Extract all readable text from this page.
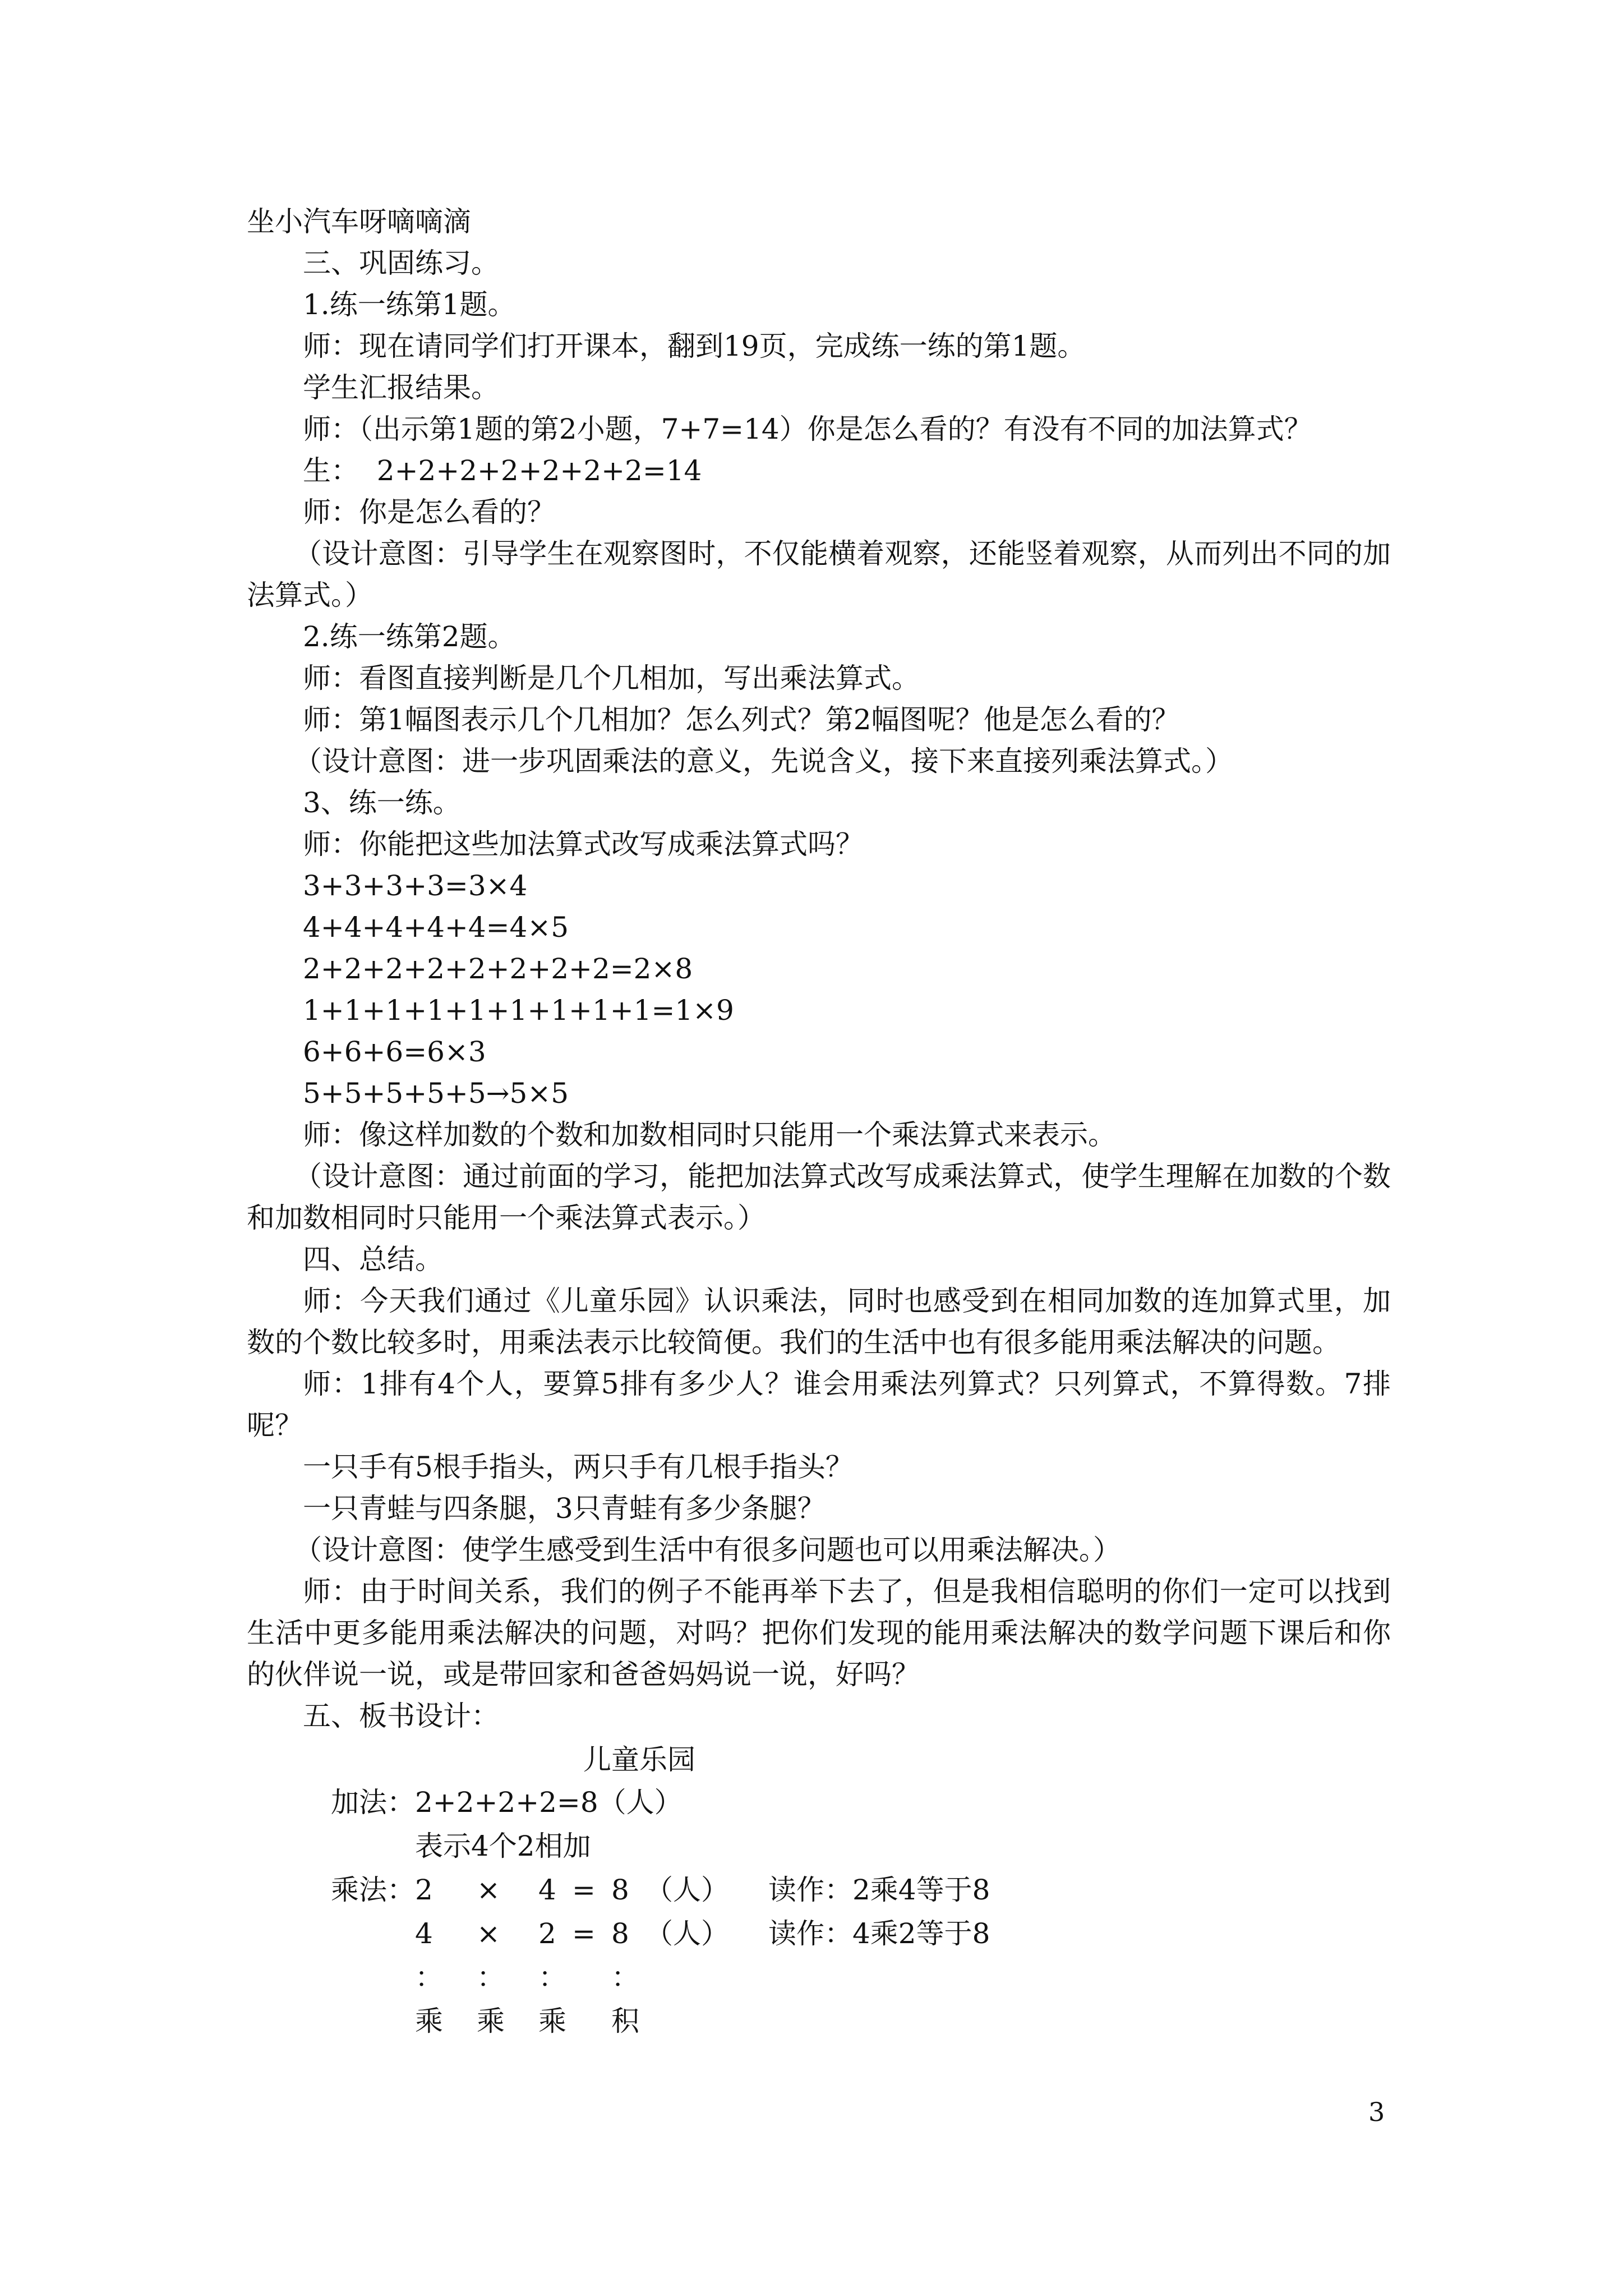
坐小汽车呀嘀嘀滴

三、巩固练习。

1.练一练第1题。

师：现在请同学们打开课本，翻到19页，完成练一练的第1题。

学生汇报结果。

师：（出示第1题的第2小题，7+7=14）你是怎么看的？有没有不同的加法算式？

生：  2+2+2+2+2+2+2=14

师：你是怎么看的？

（设计意图：引导学生在观察图时，不仅能横着观察，还能竖着观察，从而列出不同的加法算式。）

2.练一练第2题。

师：看图直接判断是几个几相加，写出乘法算式。

师：第1幅图表示几个几相加？怎么列式？第2幅图呢？他是怎么看的？

（设计意图：进一步巩固乘法的意义，先说含义，接下来直接列乘法算式。）

3、练一练。

师：你能把这些加法算式改写成乘法算式吗？

3+3+3+3=3×4

4+4+4+4+4=4×5

2+2+2+2+2+2+2+2=2×8

1+1+1+1+1+1+1+1+1=1×9

6+6+6=6×3

5+5+5+5+5→5×5

师：像这样加数的个数和加数相同时只能用一个乘法算式来表示。

（设计意图：通过前面的学习，能把加法算式改写成乘法算式，使学生理解在加数的个数和加数相同时只能用一个乘法算式表示。）

四、总结。

师：今天我们通过《儿童乐园》认识乘法，同时也感受到在相同加数的连加算式里，加数的个数比较多时，用乘法表示比较简便。我们的生活中也有很多能用乘法解决的问题。

师：1排有4个人，要算5排有多少人？谁会用乘法列算式？只列算式，不算得数。7排呢？

一只手有5根手指头，两只手有几根手指头？

一只青蛙与四条腿，3只青蛙有多少条腿？

（设计意图：使学生感受到生活中有很多问题也可以用乘法解决。）

师：由于时间关系，我们的例子不能再举下去了，但是我相信聪明的你们一定可以找到生活中更多能用乘法解决的问题，对吗？把你们发现的能用乘法解决的数学问题下课后和你的伙伴说一说，或是带回家和爸爸妈妈说一说，好吗？

五、板书设计：

儿童乐园

加法：2+2+2+2=8（人）

表示4个2相加

乘法：2 × 4 = 8 （人） 读作：2乘4等于8
4 × 2 = 8 （人） 读作：4乘2等于8
： ： ： ：
乘 乘 乘 积
3
